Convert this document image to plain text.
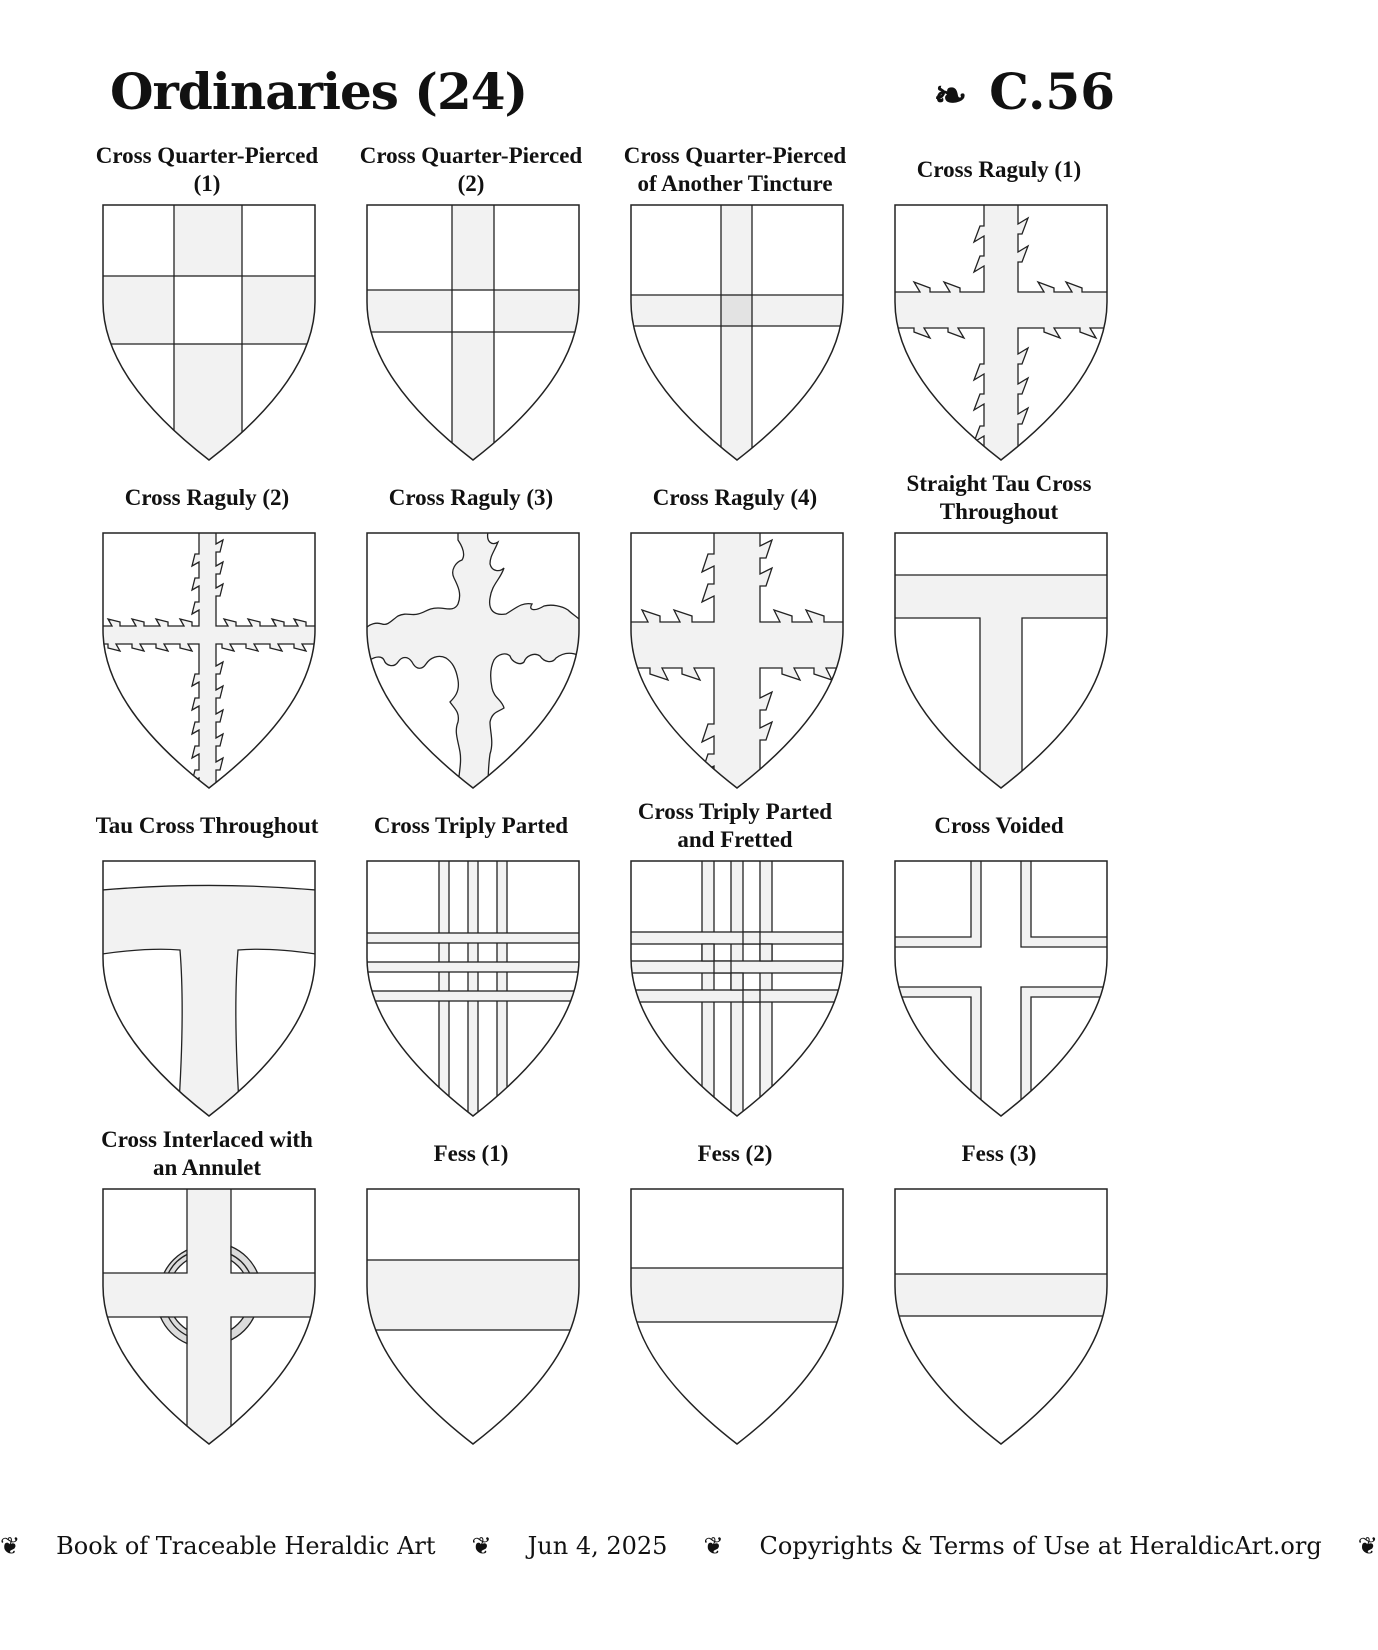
Ordinaries (24)	❧ C.56
Cross Quarter-Pierced
(1)
Cross Quarter-Pierced
(2)
Cross Quarter-Pierced
of Another Tincture
Cross Raguly (1)
Cross Raguly (2)	Cross Raguly (3)	Cross Raguly (4)
Straight Tau Cross
Throughout
Tau Cross Throughout Cross Triply Parted
Cross Triply Parted
and Fretted
Cross Voided
Cross Interlaced with
an Annulet
Fess (1)	Fess (2)	Fess (3)
❦ Book of Traceable Heraldic Art ❦ Jun 4, 2025 ❦ Copyrights & Terms of Use at HeraldicArt.org ❦
